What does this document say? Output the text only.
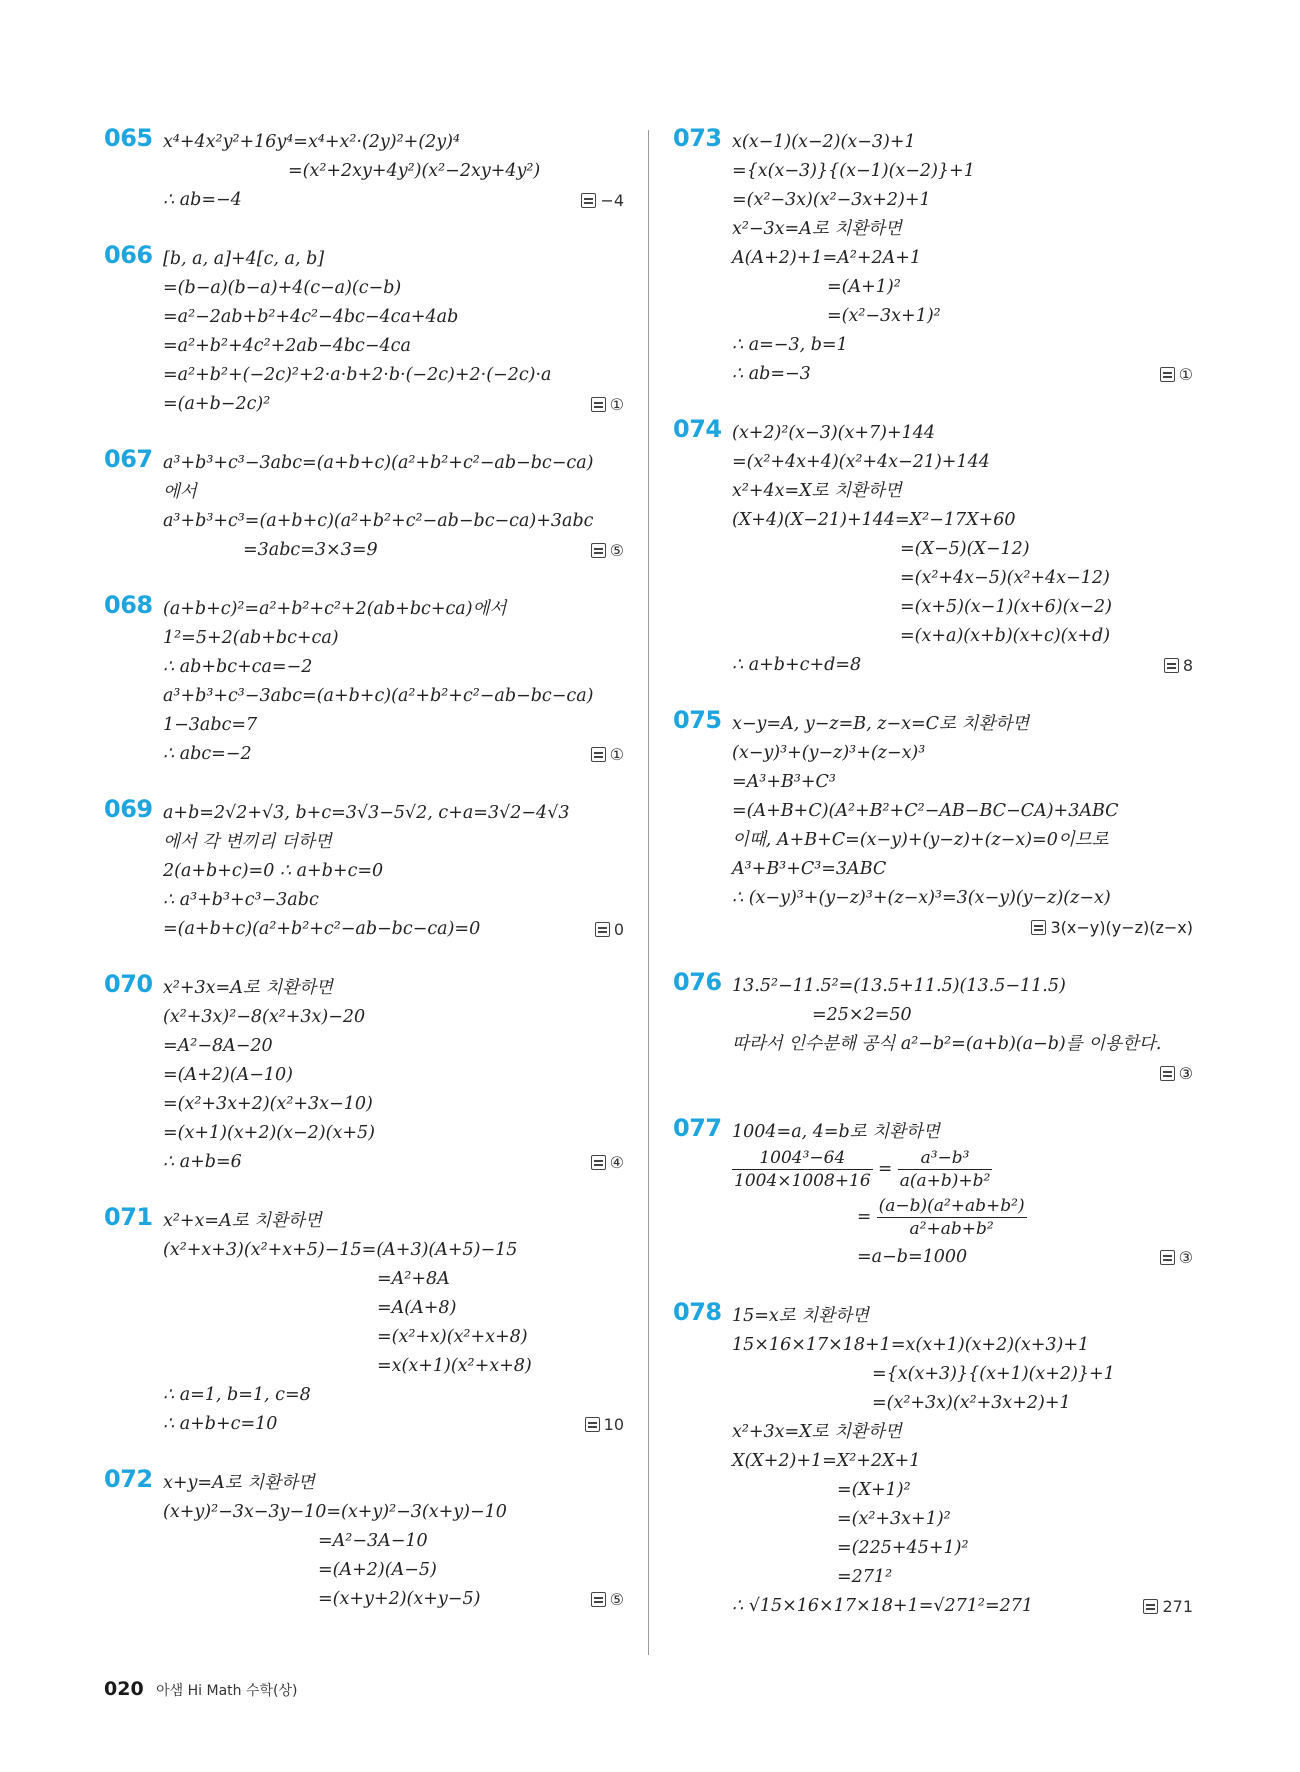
065 x⁴+4x²y²+16y⁴=x⁴+x²·(2y)²+(2y)⁴
=(x²+2xy+4y²)(x²−2xy+4y²)
∴ ab=−4	−4
066 [b, a, a]+4[c, a, b]
=(b−a)(b−a)+4(c−a)(c−b)
=a²−2ab+b²+4c²−4bc−4ca+4ab
=a²+b²+4c²+2ab−4bc−4ca
=a²+b²+(−2c)²+2·a·b+2·b·(−2c)+2·(−2c)·a
=(a+b−2c)²	①
067 a³+b³+c³−3abc=(a+b+c)(a²+b²+c²−ab−bc−ca)
에서
a³+b³+c³=(a+b+c)(a²+b²+c²−ab−bc−ca)+3abc
=3abc=3×3=9	⑤
068 (a+b+c)²=a²+b²+c²+2(ab+bc+ca)에서
1²=5+2(ab+bc+ca)
∴ ab+bc+ca=−2
a³+b³+c³−3abc=(a+b+c)(a²+b²+c²−ab−bc−ca)
1−3abc=7
∴ abc=−2	①
069 a+b=2√2+√3, b+c=3√3−5√2, c+a=3√2−4√3
에서 각 변끼리 더하면
2(a+b+c)=0 ∴ a+b+c=0
∴ a³+b³+c³−3abc
=(a+b+c)(a²+b²+c²−ab−bc−ca)=0	0
070 x²+3x=A로 치환하면
(x²+3x)²−8(x²+3x)−20
=A²−8A−20
=(A+2)(A−10)
=(x²+3x+2)(x²+3x−10)
=(x+1)(x+2)(x−2)(x+5)
∴ a+b=6	④
071 x²+x=A로 치환하면
(x²+x+3)(x²+x+5)−15=(A+3)(A+5)−15
=A²+8A
=A(A+8)
=(x²+x)(x²+x+8)
=x(x+1)(x²+x+8)
∴ a=1, b=1, c=8
∴ a+b+c=10	10
072 x+y=A로 치환하면
(x+y)²−3x−3y−10=(x+y)²−3(x+y)−10
=A²−3A−10
=(A+2)(A−5)
=(x+y+2)(x+y−5)	⑤
073 x(x−1)(x−2)(x−3)+1
={x(x−3)}{(x−1)(x−2)}+1
=(x²−3x)(x²−3x+2)+1
x²−3x=A로 치환하면
A(A+2)+1=A²+2A+1
=(A+1)²
=(x²−3x+1)²
∴ a=−3, b=1
∴ ab=−3	①
074 (x+2)²(x−3)(x+7)+144
=(x²+4x+4)(x²+4x−21)+144
x²+4x=X로 치환하면
(X+4)(X−21)+144=X²−17X+60
=(X−5)(X−12)
=(x²+4x−5)(x²+4x−12)
=(x+5)(x−1)(x+6)(x−2)
=(x+a)(x+b)(x+c)(x+d)
∴ a+b+c+d=8	8
075 x−y=A, y−z=B, z−x=C로 치환하면
(x−y)³+(y−z)³+(z−x)³
=A³+B³+C³
=(A+B+C)(A²+B²+C²−AB−BC−CA)+3ABC
이때, A+B+C=(x−y)+(y−z)+(z−x)=0이므로
A³+B³+C³=3ABC
∴ (x−y)³+(y−z)³+(z−x)³=3(x−y)(y−z)(z−x)
3(x−y)(y−z)(z−x)
076 13.5²−11.5²=(13.5+11.5)(13.5−11.5)
=25×2=50
따라서 인수분해 공식 a²−b²=(a+b)(a−b)를 이용한다.
③
077 1004=a, 4=b로 치환하면
$\frac{\text{1004³−64}}{1004\times 1008+16} = \frac{\text{a³−b³}}{\text{a(a+b)+b²}}$
= $\frac{\text{(a−b)(a²+ab+b²)}}{\text{a²+ab+b²}}$
=a−b=1000	③
078 15=x로 치환하면
15×16×17×18+1=x(x+1)(x+2)(x+3)+1
={x(x+3)}{(x+1)(x+2)}+1
=(x²+3x)(x²+3x+2)+1
x²+3x=X로 치환하면
X(X+2)+1=X²+2X+1
=(X+1)²
=(x²+3x+1)²
=(225+45+1)²
=271²
∴ √15×16×17×18+1=√271²=271	271
020 아샘 Hi Math 수학(상)
